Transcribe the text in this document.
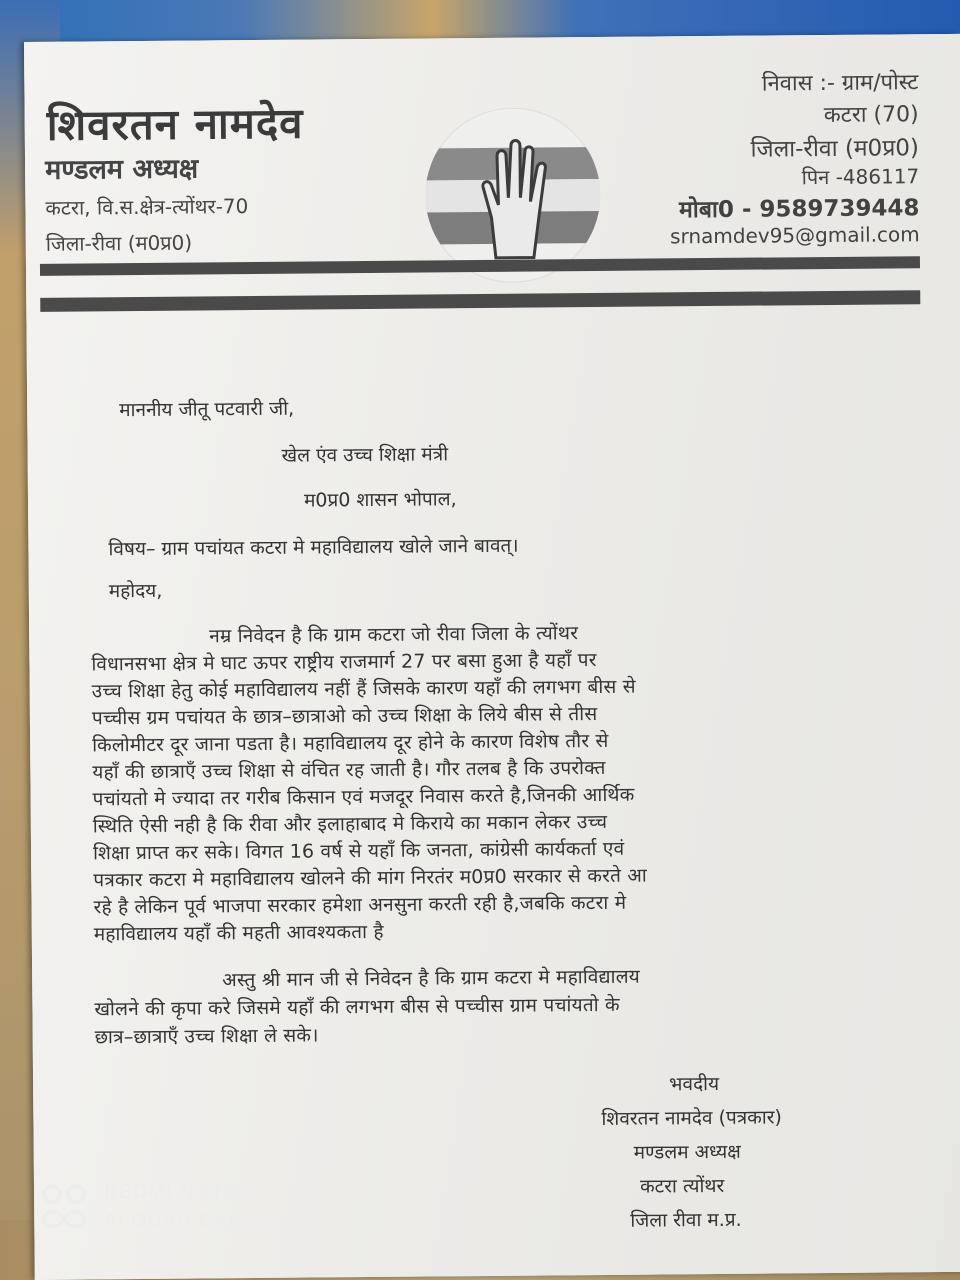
शिवरतन नामदेव

मण्डलम अध्यक्ष

कटरा, वि.स.क्षेत्र-त्योंथर-70

जिला-रीवा (म0प्र0)

निवास :- ग्राम/पोस्ट

कटरा (70)

जिला-रीवा (म0प्र0)

पिन -486117

मोबा0 - 9589739448

srnamdev95@gmail.com

माननीय जीतू पटवारी जी,

खेल एंव उच्च शिक्षा मंत्री

म0प्र0 शासन भोपाल,

विषय– ग्राम पचांयत कटरा मे महाविद्यालय खोले जाने बावत्।

महोदय,

नम्र निवेदन है कि ग्राम कटरा जो रीवा जिला के त्योंथर

विधानसभा क्षेत्र मे घाट ऊपर राष्ट्रीय राजमार्ग 27 पर बसा हुआ है यहाँ पर

उच्च शिक्षा हेतु कोई महाविद्यालय नहीं हैं जिसके कारण यहाँ की लगभग बीस से

पच्चीस ग्रम पचांयत के छात्र–छात्राओ को उच्च शिक्षा के लिये बीस से तीस

किलोमीटर दूर जाना पडता है। महाविद्यालय दूर होने के कारण विशेष तौर से

यहाँ की छात्राएँ उच्च शिक्षा से वंचित रह जाती है। गौर तलब है कि उपरोक्त

पचांयतो मे ज्यादा तर गरीब किसान एवं मजदूर निवास करते है,जिनकी आर्थिक

स्थिति ऐसी नही है कि रीवा और इलाहाबाद मे किराये का मकान लेकर उच्च

शिक्षा प्राप्त कर सके। विगत 16 वर्ष से यहाँ कि जनता, कांग्रेसी कार्यकर्ता एवं

पत्रकार कटरा मे महाविद्यालय खोलने की मांग निरतंर म0प्र0 सरकार से करते आ

रहे है लेकिन पूर्व भाजपा सरकार हमेशा अनसुना करती रही है,जबकि कटरा मे

महाविद्यालय यहाँ की महती आवश्यकता है

अस्तु श्री मान जी से निवेदन है कि ग्राम कटरा मे महाविद्यालय

खोलने की कृपा करे जिसमे यहाँ की लगभग बीस से पच्चीस ग्राम पचांयतो के

छात्र–छात्राएँ उच्च शिक्षा ले सके।

भवदीय

शिवरतन नामदेव (पत्रकार)

मण्डलम अध्यक्ष

कटरा त्योंथर

जिला रीवा म.प्र.

REDMI NOTE 8

AI QUAD CAMERA
